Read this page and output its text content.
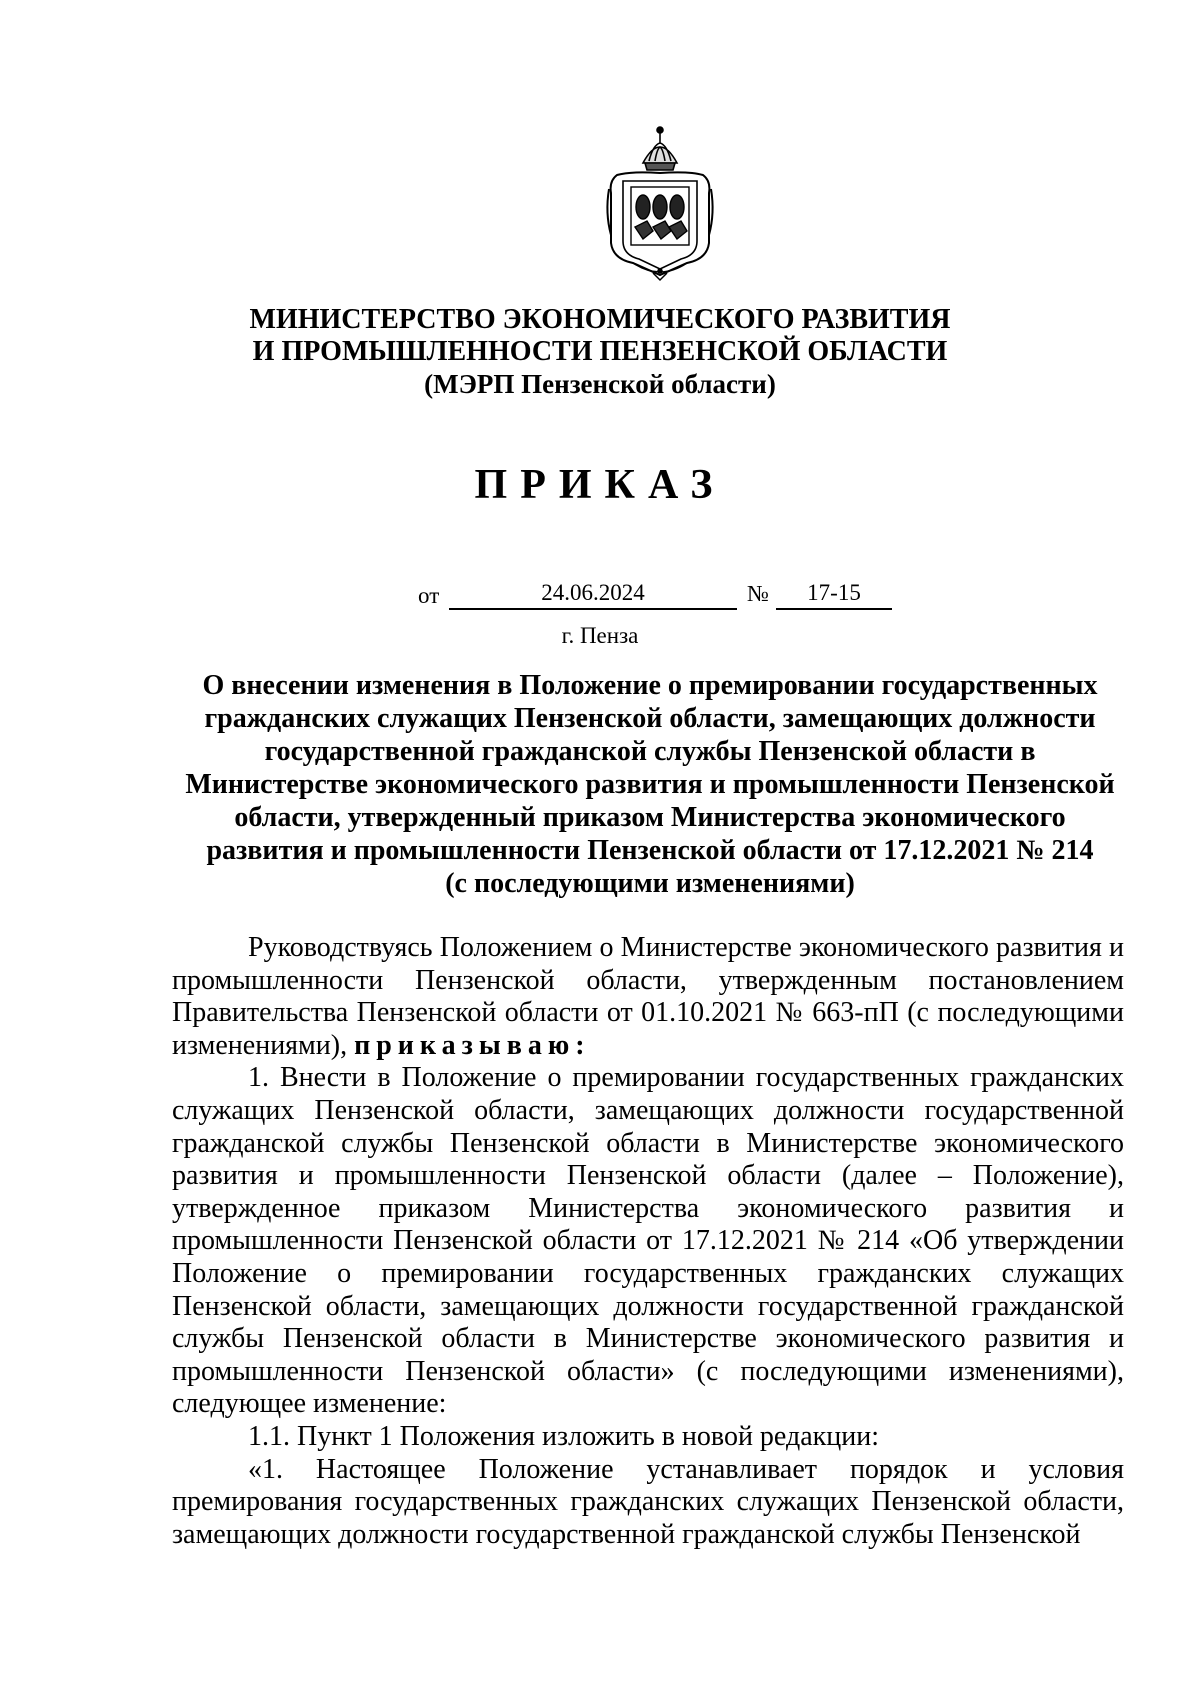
МИНИСТЕРСТВО ЭКОНОМИЧЕСКОГО РАЗВИТИЯ
И ПРОМЫШЛЕННОСТИ ПЕНЗЕНСКОЙ ОБЛАСТИ
(МЭРП Пензенской области)
ПРИКАЗ
от	24.06.2024	№	17-15
г. Пенза
О внесении изменения в Положение о премировании государственных
гражданских служащих Пензенской области, замещающих должности
государственной гражданской службы Пензенской области в
Министерстве экономического развития и промышленности Пензенской
области, утвержденный приказом Министерства экономического
развития и промышленности Пензенской области от 17.12.2021 № 214
(с последующими изменениями)

Руководствуясь Положением о Министерстве экономического развития и промышленности Пензенской области, утвержденным постановлением Правительства Пензенской области от 01.10.2021 № 663-пП (с последующими изменениями), приказываю:

1. Внести в Положение о премировании государственных гражданских служащих Пензенской области, замещающих должности государственной гражданской службы Пензенской области в Министерстве экономического развития и промышленности Пензенской области (далее – Положение), утвержденное приказом Министерства экономического развития и промышленности Пензенской области от 17.12.2021 № 214 «Об утверждении Положение о премировании государственных гражданских служащих Пензенской области, замещающих должности государственной гражданской службы Пензенской области в Министерстве экономического развития и промышленности Пензенской области» (с последующими изменениями), следующее изменение:

1.1. Пункт 1 Положения изложить в новой редакции:

«1. Настоящее Положение устанавливает порядок и условия премирования государственных гражданских служащих Пензенской области, замещающих должности государственной гражданской службы Пензенской
